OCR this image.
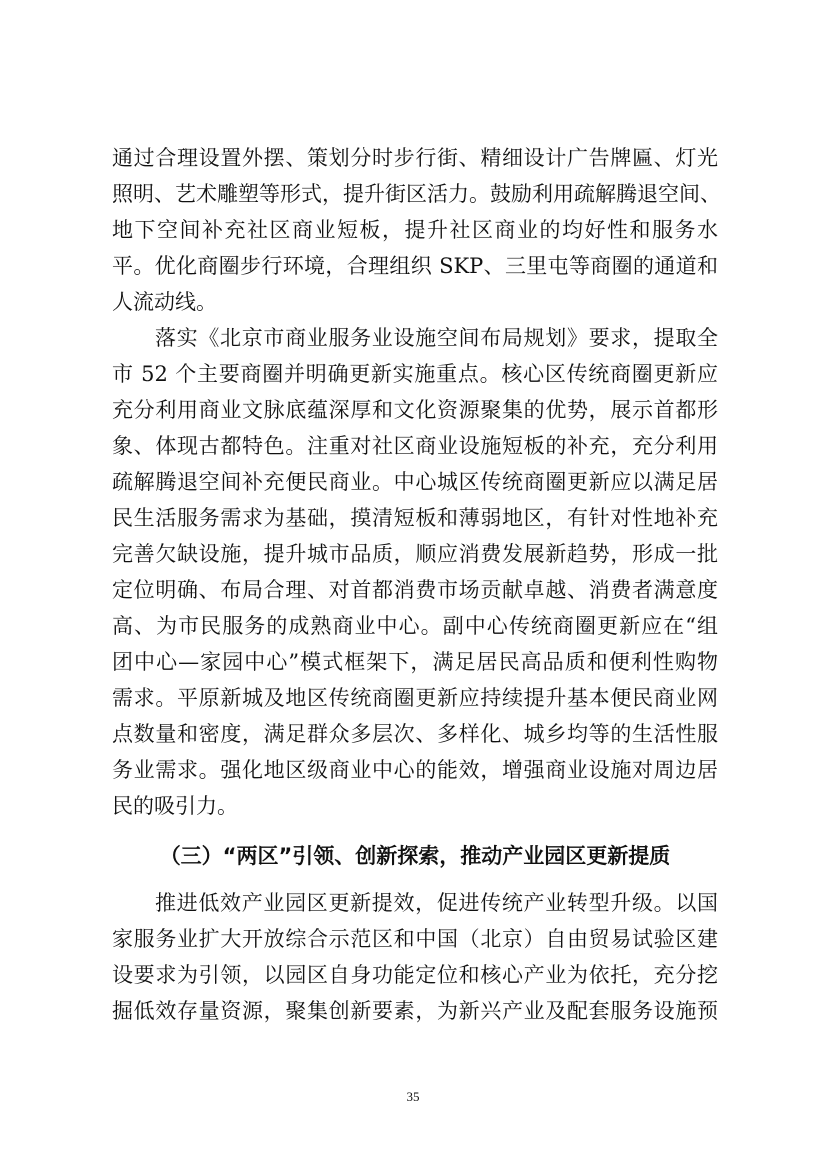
通过合理设置外摆、策划分时步行街、精细设计广告牌匾、灯光
照明、艺术雕塑等形式，提升街区活力。鼓励利用疏解腾退空间、
地下空间补充社区商业短板，提升社区商业的均好性和服务水
平。优化商圈步行环境，合理组织 SKP、三里屯等商圈的通道和
人流动线。
落实《北京市商业服务业设施空间布局规划》要求，提取全
市 52 个主要商圈并明确更新实施重点。核心区传统商圈更新应
充分利用商业文脉底蕴深厚和文化资源聚集的优势，展示首都形
象、体现古都特色。注重对社区商业设施短板的补充，充分利用
疏解腾退空间补充便民商业。中心城区传统商圈更新应以满足居
民生活服务需求为基础，摸清短板和薄弱地区，有针对性地补充
完善欠缺设施，提升城市品质，顺应消费发展新趋势，形成一批
定位明确、布局合理、对首都消费市场贡献卓越、消费者满意度
高、为市民服务的成熟商业中心。副中心传统商圈更新应在“组
团中心—家园中心”模式框架下，满足居民高品质和便利性购物
需求。平原新城及地区传统商圈更新应持续提升基本便民商业网
点数量和密度，满足群众多层次、多样化、城乡均等的生活性服
务业需求。强化地区级商业中心的能效，增强商业设施对周边居
民的吸引力。
（三）“两区”引领、创新探索，推动产业园区更新提质
推进低效产业园区更新提效，促进传统产业转型升级。以国
家服务业扩大开放综合示范区和中国（北京）自由贸易试验区建
设要求为引领，以园区自身功能定位和核心产业为依托，充分挖
掘低效存量资源，聚集创新要素，为新兴产业及配套服务设施预
35
